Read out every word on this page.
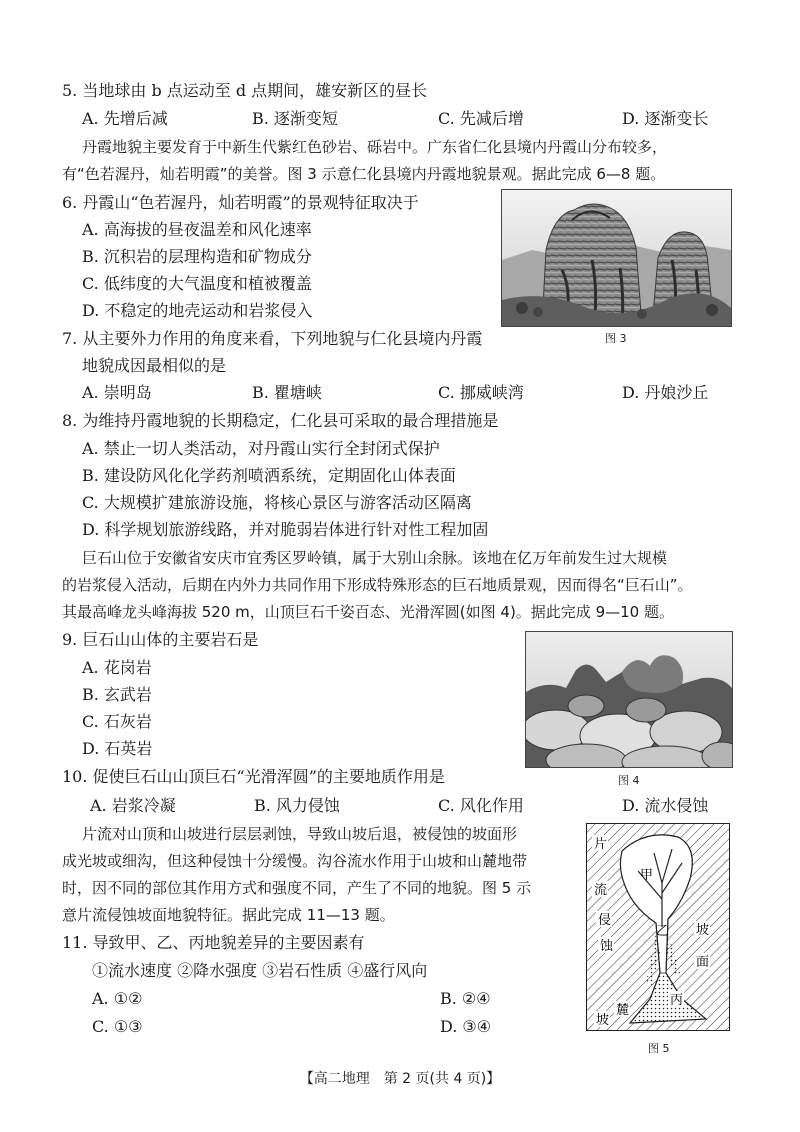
5. 当地球由 b 点运动至 d 点期间，雄安新区的昼长
A. 先增后减	B. 逐渐变短	C. 先减后增	D. 逐渐变长
丹霞地貌主要发育于中新生代紫红色砂岩、砾岩中。广东省仁化县境内丹霞山分布较多，
有“色若渥丹，灿若明霞”的美誉。图 3 示意仁化县境内丹霞地貌景观。据此完成 6—8 题。
6. 丹霞山“色若渥丹，灿若明霞”的景观特征取决于
A. 高海拔的昼夜温差和风化速率
B. 沉积岩的层理构造和矿物成分
C. 低纬度的大气温度和植被覆盖
D. 不稳定的地壳运动和岩浆侵入
图 3
7. 从主要外力作用的角度来看，下列地貌与仁化县境内丹霞
地貌成因最相似的是
A. 崇明岛	B. 瞿塘峡	C. 挪威峡湾	D. 丹娘沙丘
8. 为维持丹霞地貌的长期稳定，仁化县可采取的最合理措施是
A. 禁止一切人类活动，对丹霞山实行全封闭式保护
B. 建设防风化化学药剂喷洒系统，定期固化山体表面
C. 大规模扩建旅游设施，将核心景区与游客活动区隔离
D. 科学规划旅游线路，并对脆弱岩体进行针对性工程加固
巨石山位于安徽省安庆市宜秀区罗岭镇，属于大别山余脉。该地在亿万年前发生过大规模
的岩浆侵入活动，后期在内外力共同作用下形成特殊形态的巨石地质景观，因而得名“巨石山”。
其最高峰龙头峰海拔 520 m，山顶巨石千姿百态、光滑浑圆(如图 4)。据此完成 9—10 题。
9. 巨石山山体的主要岩石是
A. 花岗岩
B. 玄武岩
C. 石灰岩
D. 石英岩
图 4
10. 促使巨石山山顶巨石“光滑浑圆”的主要地质作用是
A. 岩浆冷凝	B. 风力侵蚀	C. 风化作用	D. 流水侵蚀
片流对山顶和山坡进行层层剥蚀，导致山坡后退，被侵蚀的坡面形
成光坡或细沟，但这种侵蚀十分缓慢。沟谷流水作用于山坡和山麓地带
时，因不同的部位其作用方式和强度不同，产生了不同的地貌。图 5 示
意片流侵蚀坡面地貌特征。据此完成 11—13 题。
11. 导致甲、乙、丙地貌差异的主要因素有
①流水速度 ②降水强度 ③岩石性质 ④盛行风向
A. ①②	B. ②④
C. ①③	D. ③④
片
流
侵
蚀
甲
乙
丙
坡
面
坡
麓
图 5
【高二地理　第 2 页(共 4 页)】
